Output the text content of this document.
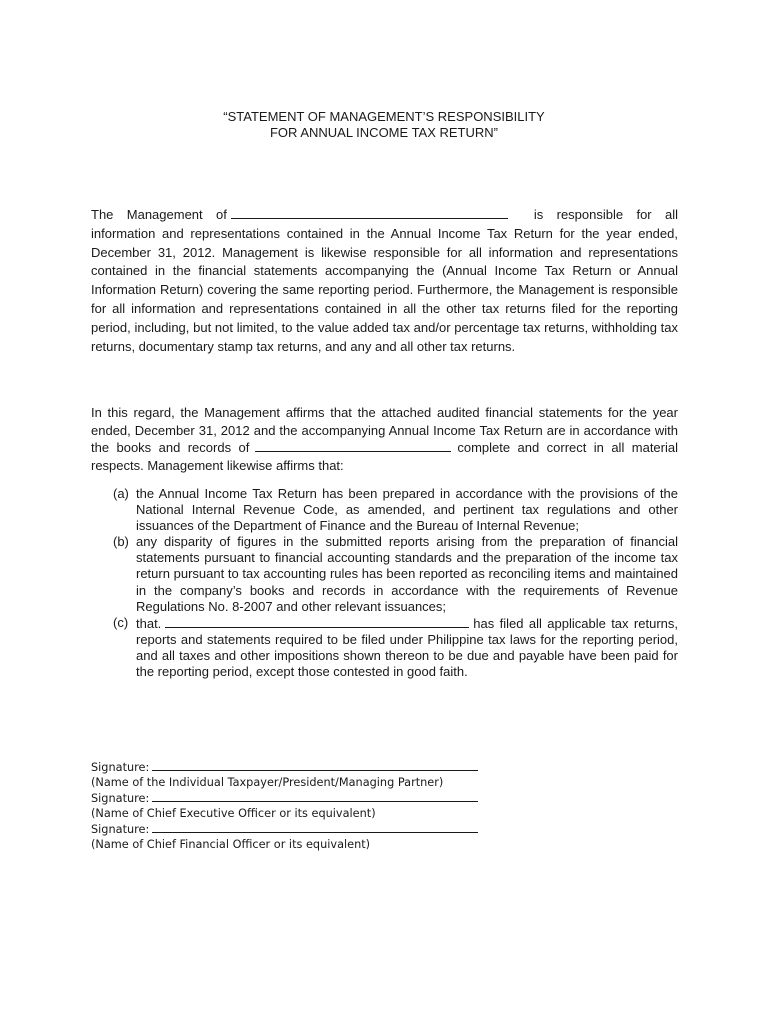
“STATEMENT OF MANAGEMENT’S RESPONSIBILITY
FOR ANNUAL INCOME TAX RETURN”
The Management of	is responsible for all information and representations contained in the Annual Income Tax Return for the year ended, December 31, 2012. Management is likewise responsible for all information and representations contained in the financial statements accompanying the (Annual Income Tax Return or Annual Information Return) covering the same reporting period. Furthermore, the Management is responsible for all information and representations contained in all the other tax returns filed for the reporting period, including, but not limited, to the value added tax and/or percentage tax returns, withholding tax returns, documentary stamp tax returns, and any and all other tax returns.
In this regard, the Management affirms that the attached audited financial statements for the year ended, December 31, 2012 and the accompanying Annual Income Tax Return are in accordance with the books and records of	complete and correct in all material respects. Management likewise affirms that:
(a) the Annual Income Tax Return has been prepared in accordance with the provisions of the National Internal Revenue Code, as amended, and pertinent tax regulations and other issuances of the Department of Finance and the Bureau of Internal Revenue;
(b) any disparity of figures in the submitted reports arising from the preparation of financial statements pursuant to financial accounting standards and the preparation of the income tax return pursuant to tax accounting rules has been reported as reconciling items and maintained in the company’s books and records in accordance with the requirements of Revenue Regulations No. 8-2007 and other relevant issuances;
(c) that.	has filed all applicable tax returns, reports and statements required to be filed under Philippine tax laws for the reporting period, and all taxes and other impositions shown thereon to be due and payable have been paid for the reporting period, except those contested in good faith.
Signature:
(Name of the Individual Taxpayer/President/Managing Partner)
Signature:
(Name of Chief Executive Officer or its equivalent)
Signature:
(Name of Chief Financial Officer or its equivalent)
